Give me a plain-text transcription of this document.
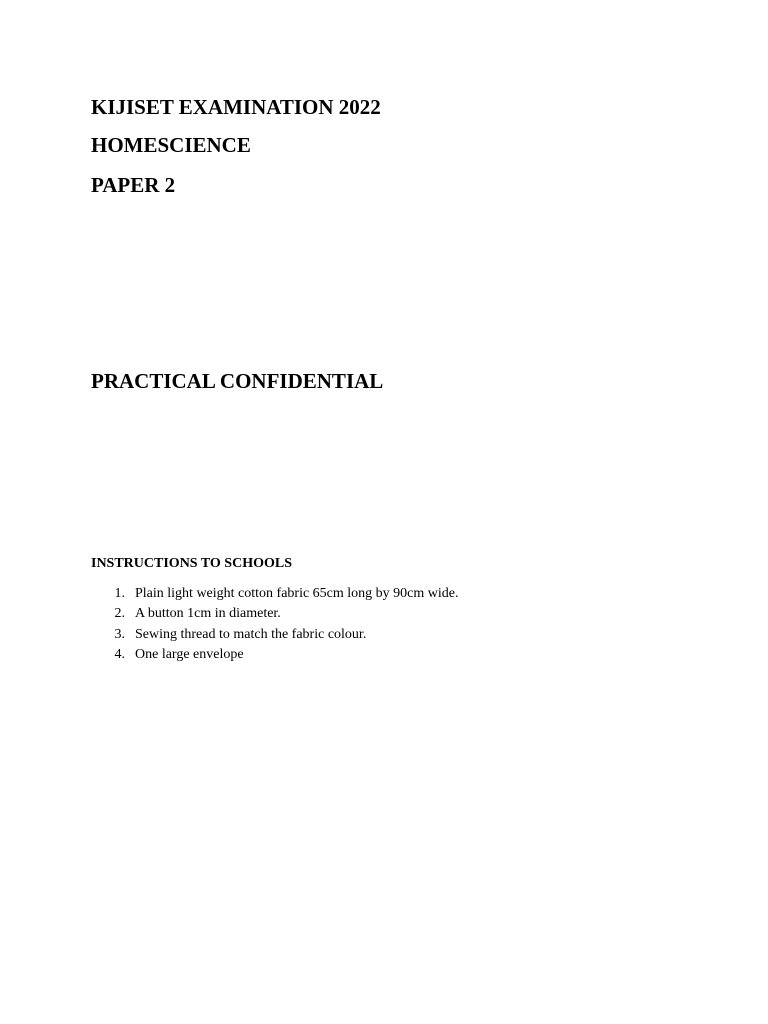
KIJISET EXAMINATION 2022
HOMESCIENCE
PAPER 2
PRACTICAL CONFIDENTIAL
INSTRUCTIONS TO SCHOOLS
1. Plain light weight cotton fabric 65cm long by 90cm wide.
2. A button 1cm in diameter.
3. Sewing thread to match the fabric colour.
4. One large envelope
